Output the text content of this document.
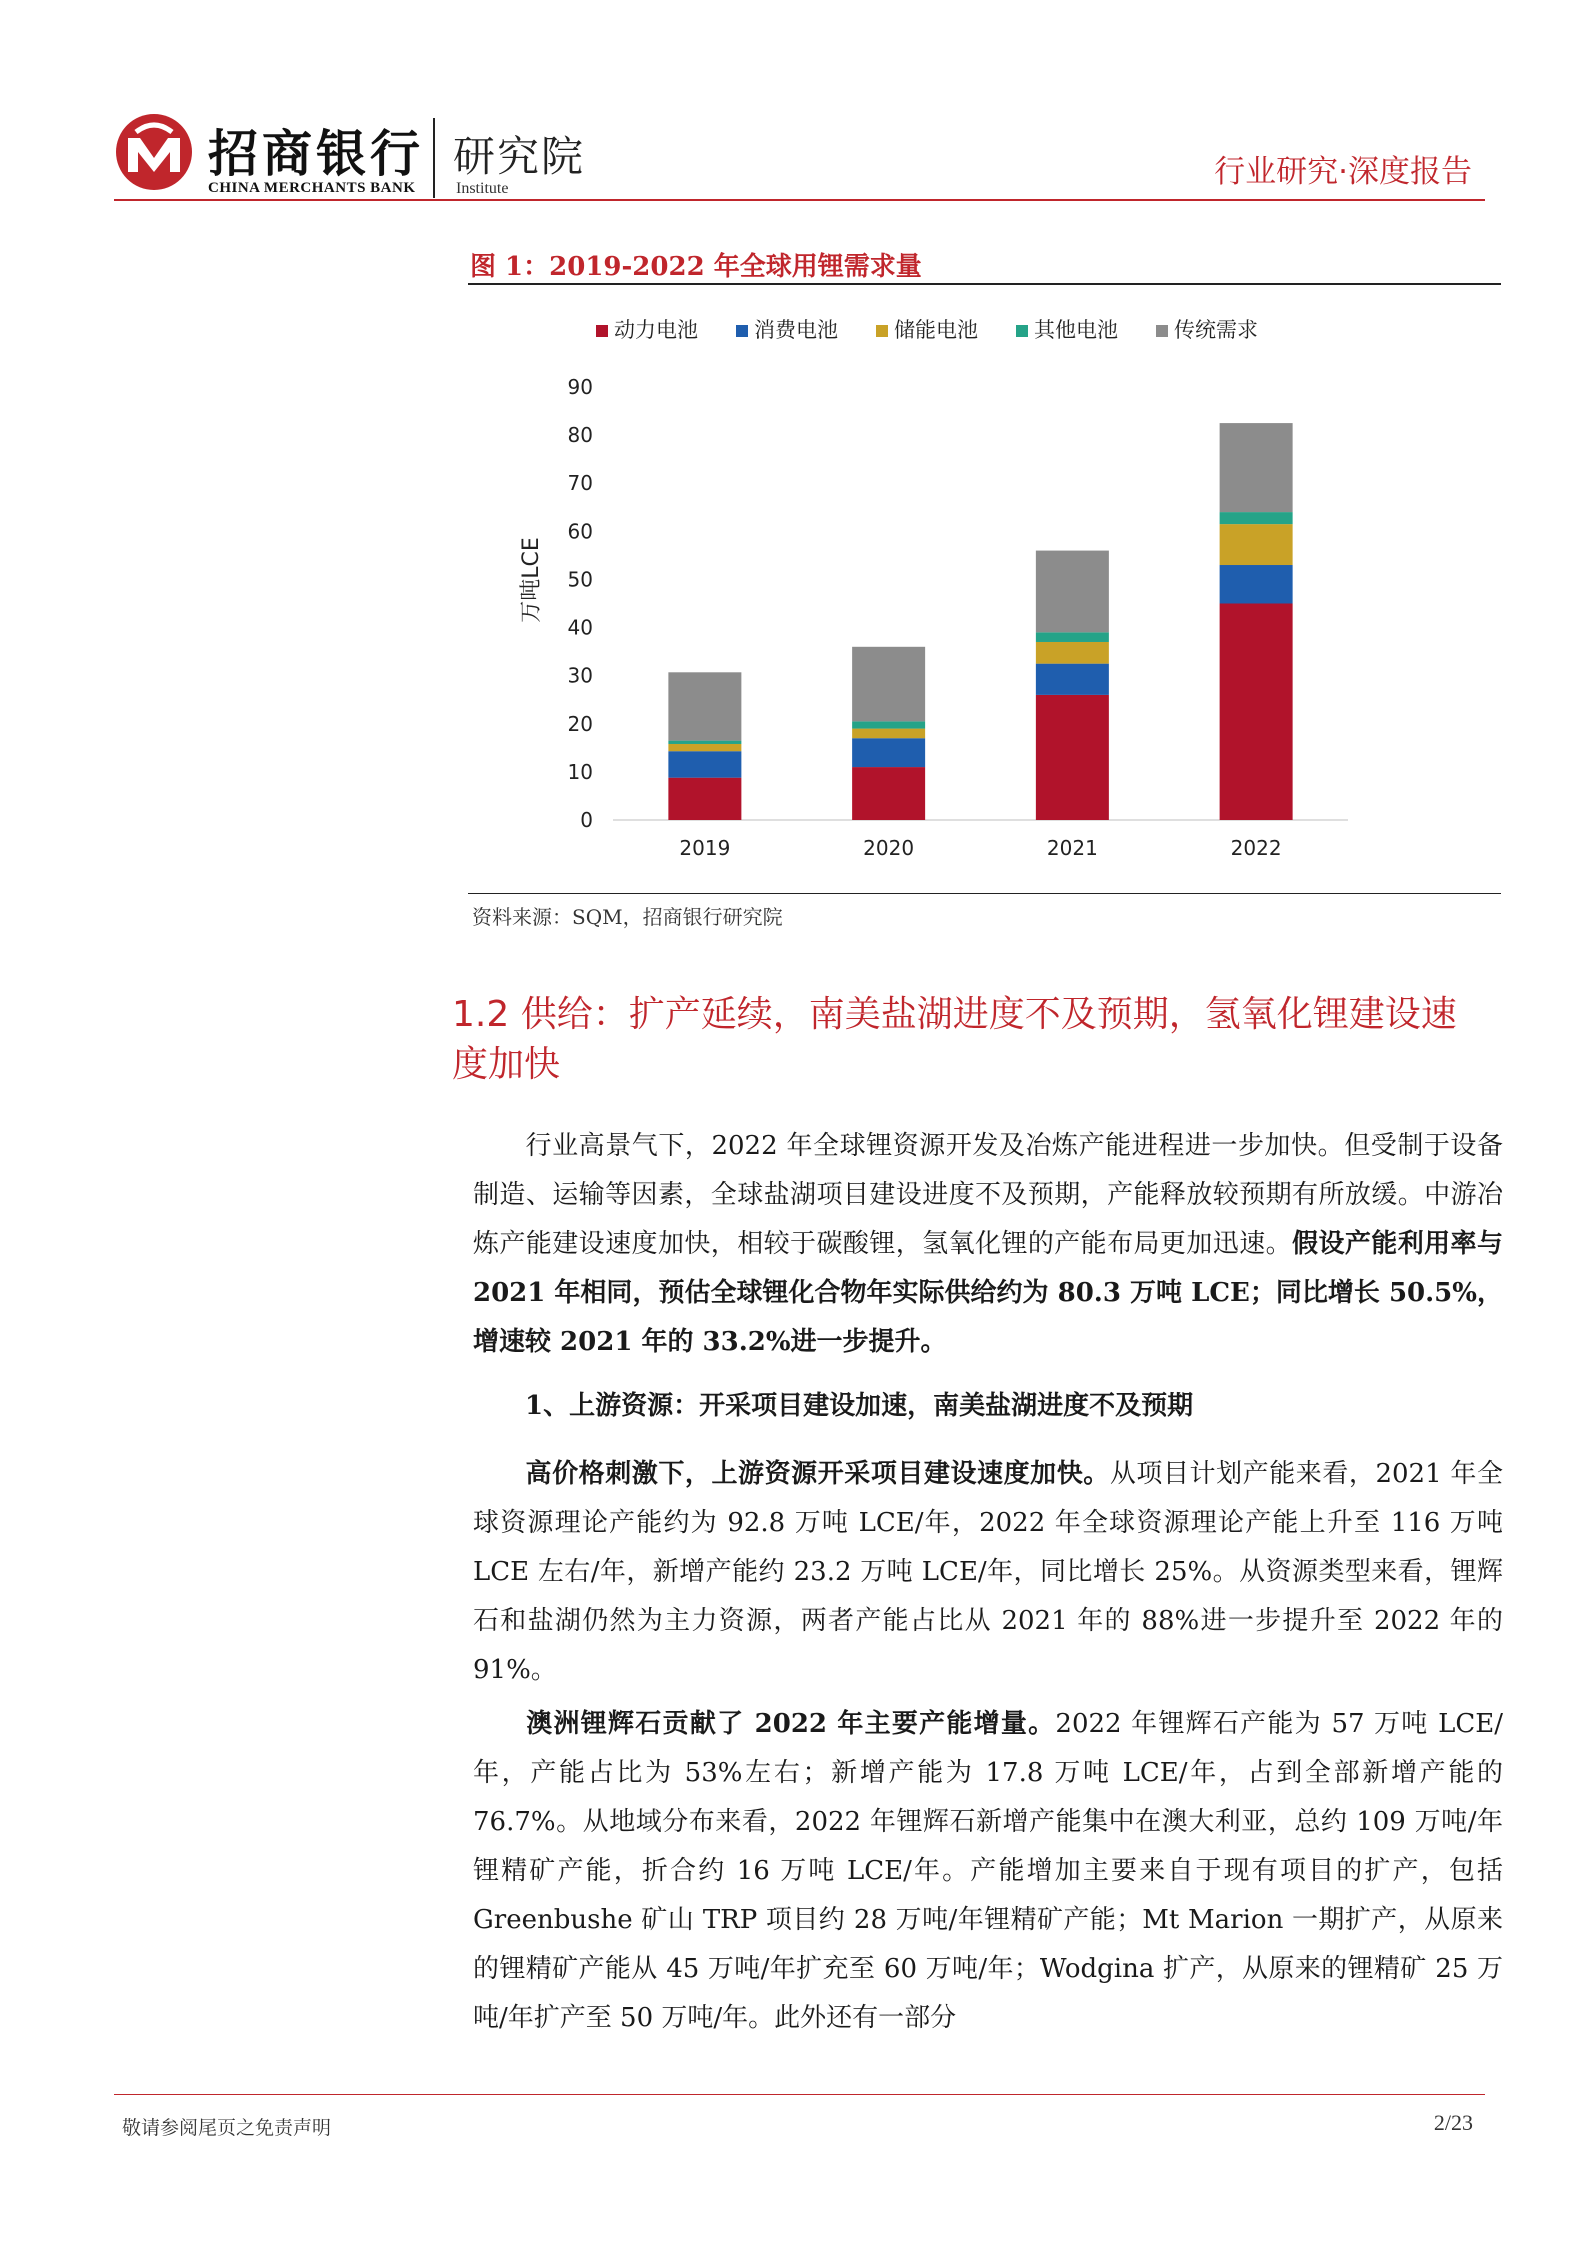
招商银行
CHINA MERCHANTS BANK
研究院
Institute	行业研究·深度报告
图 1：2019-2022 年全球用锂需求量
动力电池	消费电池	储能电池	其他电池	传统需求
0
10
20
30
40
50
60
70
80
90
2019	2020	2021	2022
万吨LCE
资料来源：SQM，招商银行研究院
1.2 供给：扩产延续，南美盐湖进度不及预期，氢氧化锂建设速度加快
行业高景气下，2022 年全球锂资源开发及冶炼产能进程进一步加快。但受制于设备制造、运输等因素，全球盐湖项目建设进度不及预期，产能释放较预期有所放缓。中游冶炼产能建设速度加快，相较于碳酸锂，氢氧化锂的产能布局更加迅速。假设产能利用率与 2021 年相同，预估全球锂化合物年实际供给约为 80.3 万吨 LCE；同比增长 50.5%，增速较 2021 年的 33.2%进一步提升。
1、上游资源：开采项目建设加速，南美盐湖进度不及预期
高价格刺激下，上游资源开采项目建设速度加快。从项目计划产能来看，2021 年全球资源理论产能约为 92.8 万吨 LCE/年，2022 年全球资源理论产能上升至 116 万吨 LCE 左右/年，新增产能约 23.2 万吨 LCE/年，同比增长 25%。从资源类型来看，锂辉石和盐湖仍然为主力资源，两者产能占比从 2021 年的 88%进一步提升至 2022 年的 91%。
澳洲锂辉石贡献了 2022 年主要产能增量。2022 年锂辉石产能为 57 万吨 LCE/年，产能占比为 53%左右；新增产能为 17.8 万吨 LCE/年，占到全部新增产能的 76.7%。从地域分布来看，2022 年锂辉石新增产能集中在澳大利亚，总约 109 万吨/年锂精矿产能，折合约 16 万吨 LCE/年。产能增加主要来自于现有项目的扩产，包括 Greenbushe 矿山 TRP 项目约 28 万吨/年锂精矿产能；Mt Marion 一期扩产，从原来的锂精矿产能从 45 万吨/年扩充至 60 万吨/年；Wodgina 扩产，从原来的锂精矿 25 万吨/年扩产至 50 万吨/年。此外还有一部分
敬请参阅尾页之免责声明	2/23
